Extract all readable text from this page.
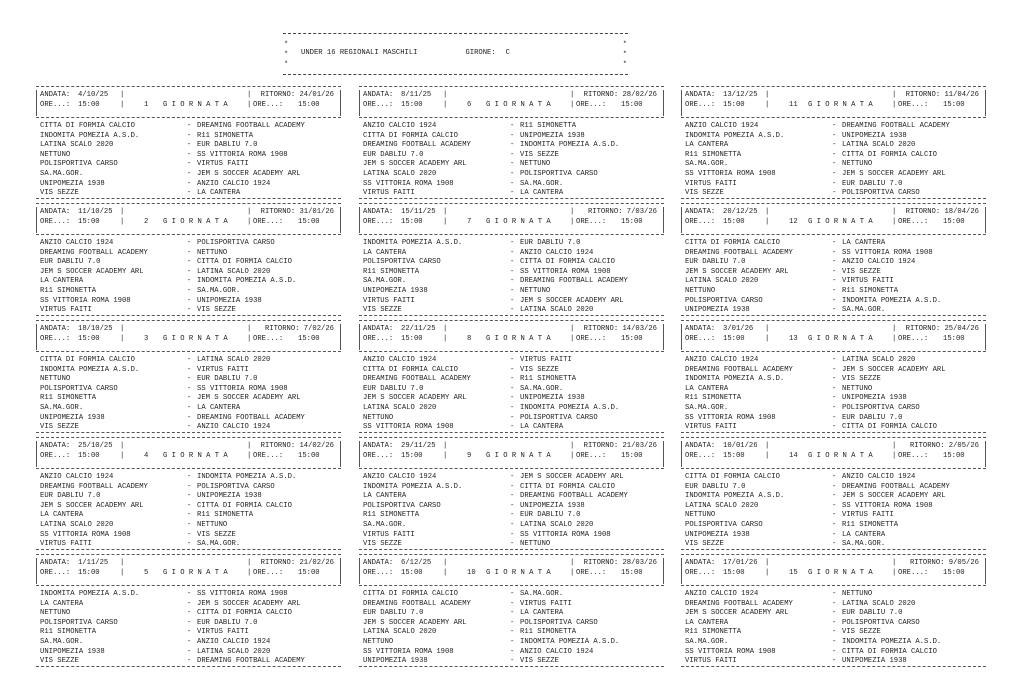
*
*
*
*
*
*
UNDER 16 REGIONALI MASCHILI	GIRONE: C
ANDATA: 4/10/25 |	| RITORNO: 24/01/26
ORE...: 15:00	|	1 G I O R N A T A	| ORE...: 15:00
CITTA DI FORMIA CALCIO	- DREAMING FOOTBALL ACADEMY
INDOMITA POMEZIA A.S.D.	- R11 SIMONETTA
LATINA SCALO 2020	- EUR DABLIU 7.0
NETTUNO	- SS VITTORIA ROMA 1908
POLISPORTIVA CARSO	- VIRTUS FAITI
SA.MA.GOR.	- JEM S SOCCER ACADEMY ARL
UNIPOMEZIA 1938	- ANZIO CALCIO 1924
VIS SEZZE	- LA CANTERA
ANDATA: 11/10/25 |	| RITORNO: 31/01/26
ORE...: 15:00	|	2 G I O R N A T A	| ORE...: 15:00
ANZIO CALCIO 1924	- POLISPORTIVA CARSO
DREAMING FOOTBALL ACADEMY	- NETTUNO
EUR DABLIU 7.0	- CITTA DI FORMIA CALCIO
JEM S SOCCER ACADEMY ARL	- LATINA SCALO 2020
LA CANTERA	- INDOMITA POMEZIA A.S.D.
R11 SIMONETTA	- SA.MA.GOR.
SS VITTORIA ROMA 1908	- UNIPOMEZIA 1938
VIRTUS FAITI	- VIS SEZZE
ANDATA: 18/10/25 |	| RITORNO: 7/02/26
ORE...: 15:00	|	3 G I O R N A T A	| ORE...: 15:00
CITTA DI FORMIA CALCIO	- LATINA SCALO 2020
INDOMITA POMEZIA A.S.D.	- VIRTUS FAITI
NETTUNO	- EUR DABLIU 7.0
POLISPORTIVA CARSO	- SS VITTORIA ROMA 1908
R11 SIMONETTA	- JEM S SOCCER ACADEMY ARL
SA.MA.GOR.	- LA CANTERA
UNIPOMEZIA 1938	- DREAMING FOOTBALL ACADEMY
VIS SEZZE	- ANZIO CALCIO 1924
ANDATA: 25/10/25 |	| RITORNO: 14/02/26
ORE...: 15:00	|	4 G I O R N A T A	| ORE...: 15:00
ANZIO CALCIO 1924	- INDOMITA POMEZIA A.S.D.
DREAMING FOOTBALL ACADEMY	- POLISPORTIVA CARSO
EUR DABLIU 7.0	- UNIPOMEZIA 1938
JEM S SOCCER ACADEMY ARL	- CITTA DI FORMIA CALCIO
LA CANTERA	- R11 SIMONETTA
LATINA SCALO 2020	- NETTUNO
SS VITTORIA ROMA 1908	- VIS SEZZE
VIRTUS FAITI	- SA.MA.GOR.
ANDATA: 1/11/25 |	| RITORNO: 21/02/26
ORE...: 15:00	|	5 G I O R N A T A	| ORE...: 15:00
INDOMITA POMEZIA A.S.D.	- SS VITTORIA ROMA 1908
LA CANTERA	- JEM S SOCCER ACADEMY ARL
NETTUNO	- CITTA DI FORMIA CALCIO
POLISPORTIVA CARSO	- EUR DABLIU 7.0
R11 SIMONETTA	- VIRTUS FAITI
SA.MA.GOR.	- ANZIO CALCIO 1924
UNIPOMEZIA 1938	- LATINA SCALO 2020
VIS SEZZE	- DREAMING FOOTBALL ACADEMY
ANDATA: 8/11/25 |	| RITORNO: 28/02/26
ORE...: 15:00	|	6 G I O R N A T A	| ORE...: 15:00
ANZIO CALCIO 1924	- R11 SIMONETTA
CITTA DI FORMIA CALCIO	- UNIPOMEZIA 1938
DREAMING FOOTBALL ACADEMY	- INDOMITA POMEZIA A.S.D.
EUR DABLIU 7.0	- VIS SEZZE
JEM S SOCCER ACADEMY ARL	- NETTUNO
LATINA SCALO 2020	- POLISPORTIVA CARSO
SS VITTORIA ROMA 1908	- SA.MA.GOR.
VIRTUS FAITI	- LA CANTERA
ANDATA: 15/11/25 |	| RITORNO: 7/03/26
ORE...: 15:00	|	7 G I O R N A T A	| ORE...: 15:00
INDOMITA POMEZIA A.S.D.	- EUR DABLIU 7.0
LA CANTERA	- ANZIO CALCIO 1924
POLISPORTIVA CARSO	- CITTA DI FORMIA CALCIO
R11 SIMONETTA	- SS VITTORIA ROMA 1908
SA.MA.GOR.	- DREAMING FOOTBALL ACADEMY
UNIPOMEZIA 1938	- NETTUNO
VIRTUS FAITI	- JEM S SOCCER ACADEMY ARL
VIS SEZZE	- LATINA SCALO 2020
ANDATA: 22/11/25 |	| RITORNO: 14/03/26
ORE...: 15:00	|	8 G I O R N A T A	| ORE...: 15:00
ANZIO CALCIO 1924	- VIRTUS FAITI
CITTA DI FORMIA CALCIO	- VIS SEZZE
DREAMING FOOTBALL ACADEMY	- R11 SIMONETTA
EUR DABLIU 7.0	- SA.MA.GOR.
JEM S SOCCER ACADEMY ARL	- UNIPOMEZIA 1938
LATINA SCALO 2020	- INDOMITA POMEZIA A.S.D.
NETTUNO	- POLISPORTIVA CARSO
SS VITTORIA ROMA 1908	- LA CANTERA
ANDATA: 29/11/25 |	| RITORNO: 21/03/26
ORE...: 15:00	|	9 G I O R N A T A	| ORE...: 15:00
ANZIO CALCIO 1924	- JEM S SOCCER ACADEMY ARL
INDOMITA POMEZIA A.S.D.	- CITTA DI FORMIA CALCIO
LA CANTERA	- DREAMING FOOTBALL ACADEMY
POLISPORTIVA CARSO	- UNIPOMEZIA 1938
R11 SIMONETTA	- EUR DABLIU 7.0
SA.MA.GOR.	- LATINA SCALO 2020
VIRTUS FAITI	- SS VITTORIA ROMA 1908
VIS SEZZE	- NETTUNO
ANDATA: 6/12/25 |	| RITORNO: 28/03/26
ORE...: 15:00	|	10 G I O R N A T A	| ORE...: 15:00
CITTA DI FORMIA CALCIO	- SA.MA.GOR.
DREAMING FOOTBALL ACADEMY	- VIRTUS FAITI
EUR DABLIU 7.0	- LA CANTERA
JEM S SOCCER ACADEMY ARL	- POLISPORTIVA CARSO
LATINA SCALO 2020	- R11 SIMONETTA
NETTUNO	- INDOMITA POMEZIA A.S.D.
SS VITTORIA ROMA 1908	- ANZIO CALCIO 1924
UNIPOMEZIA 1938	- VIS SEZZE
ANDATA: 13/12/25 |	| RITORNO: 11/04/26
ORE...: 15:00	|	11 G I O R N A T A	| ORE...: 15:00
ANZIO CALCIO 1924	- DREAMING FOOTBALL ACADEMY
INDOMITA POMEZIA A.S.D.	- UNIPOMEZIA 1938
LA CANTERA	- LATINA SCALO 2020
R11 SIMONETTA	- CITTA DI FORMIA CALCIO
SA.MA.GOR.	- NETTUNO
SS VITTORIA ROMA 1908	- JEM S SOCCER ACADEMY ARL
VIRTUS FAITI	- EUR DABLIU 7.0
VIS SEZZE	- POLISPORTIVA CARSO
ANDATA: 20/12/25 |	| RITORNO: 18/04/26
ORE...: 15:00	|	12 G I O R N A T A	| ORE...: 15:00
CITTA DI FORMIA CALCIO	- LA CANTERA
DREAMING FOOTBALL ACADEMY	- SS VITTORIA ROMA 1908
EUR DABLIU 7.0	- ANZIO CALCIO 1924
JEM S SOCCER ACADEMY ARL	- VIS SEZZE
LATINA SCALO 2020	- VIRTUS FAITI
NETTUNO	- R11 SIMONETTA
POLISPORTIVA CARSO	- INDOMITA POMEZIA A.S.D.
UNIPOMEZIA 1938	- SA.MA.GOR.
ANDATA: 3/01/26 |	| RITORNO: 25/04/26
ORE...: 15:00	|	13 G I O R N A T A	| ORE...: 15:00
ANZIO CALCIO 1924	- LATINA SCALO 2020
DREAMING FOOTBALL ACADEMY	- JEM S SOCCER ACADEMY ARL
INDOMITA POMEZIA A.S.D.	- VIS SEZZE
LA CANTERA	- NETTUNO
R11 SIMONETTA	- UNIPOMEZIA 1938
SA.MA.GOR.	- POLISPORTIVA CARSO
SS VITTORIA ROMA 1908	- EUR DABLIU 7.0
VIRTUS FAITI	- CITTA DI FORMIA CALCIO
ANDATA: 10/01/26 |	| RITORNO: 2/05/26
ORE...: 15:00	|	14 G I O R N A T A	| ORE...: 15:00
CITTA DI FORMIA CALCIO	- ANZIO CALCIO 1924
EUR DABLIU 7.0	- DREAMING FOOTBALL ACADEMY
INDOMITA POMEZIA A.S.D.	- JEM S SOCCER ACADEMY ARL
LATINA SCALO 2020	- SS VITTORIA ROMA 1908
NETTUNO	- VIRTUS FAITI
POLISPORTIVA CARSO	- R11 SIMONETTA
UNIPOMEZIA 1938	- LA CANTERA
VIS SEZZE	- SA.MA.GOR.
ANDATA: 17/01/26 |	| RITORNO: 9/05/26
ORE...: 15:00	|	15 G I O R N A T A	| ORE...: 15:00
ANZIO CALCIO 1924	- NETTUNO
DREAMING FOOTBALL ACADEMY	- LATINA SCALO 2020
JEM S SOCCER ACADEMY ARL	- EUR DABLIU 7.0
LA CANTERA	- POLISPORTIVA CARSO
R11 SIMONETTA	- VIS SEZZE
SA.MA.GOR.	- INDOMITA POMEZIA A.S.D.
SS VITTORIA ROMA 1908	- CITTA DI FORMIA CALCIO
VIRTUS FAITI	- UNIPOMEZIA 1938
